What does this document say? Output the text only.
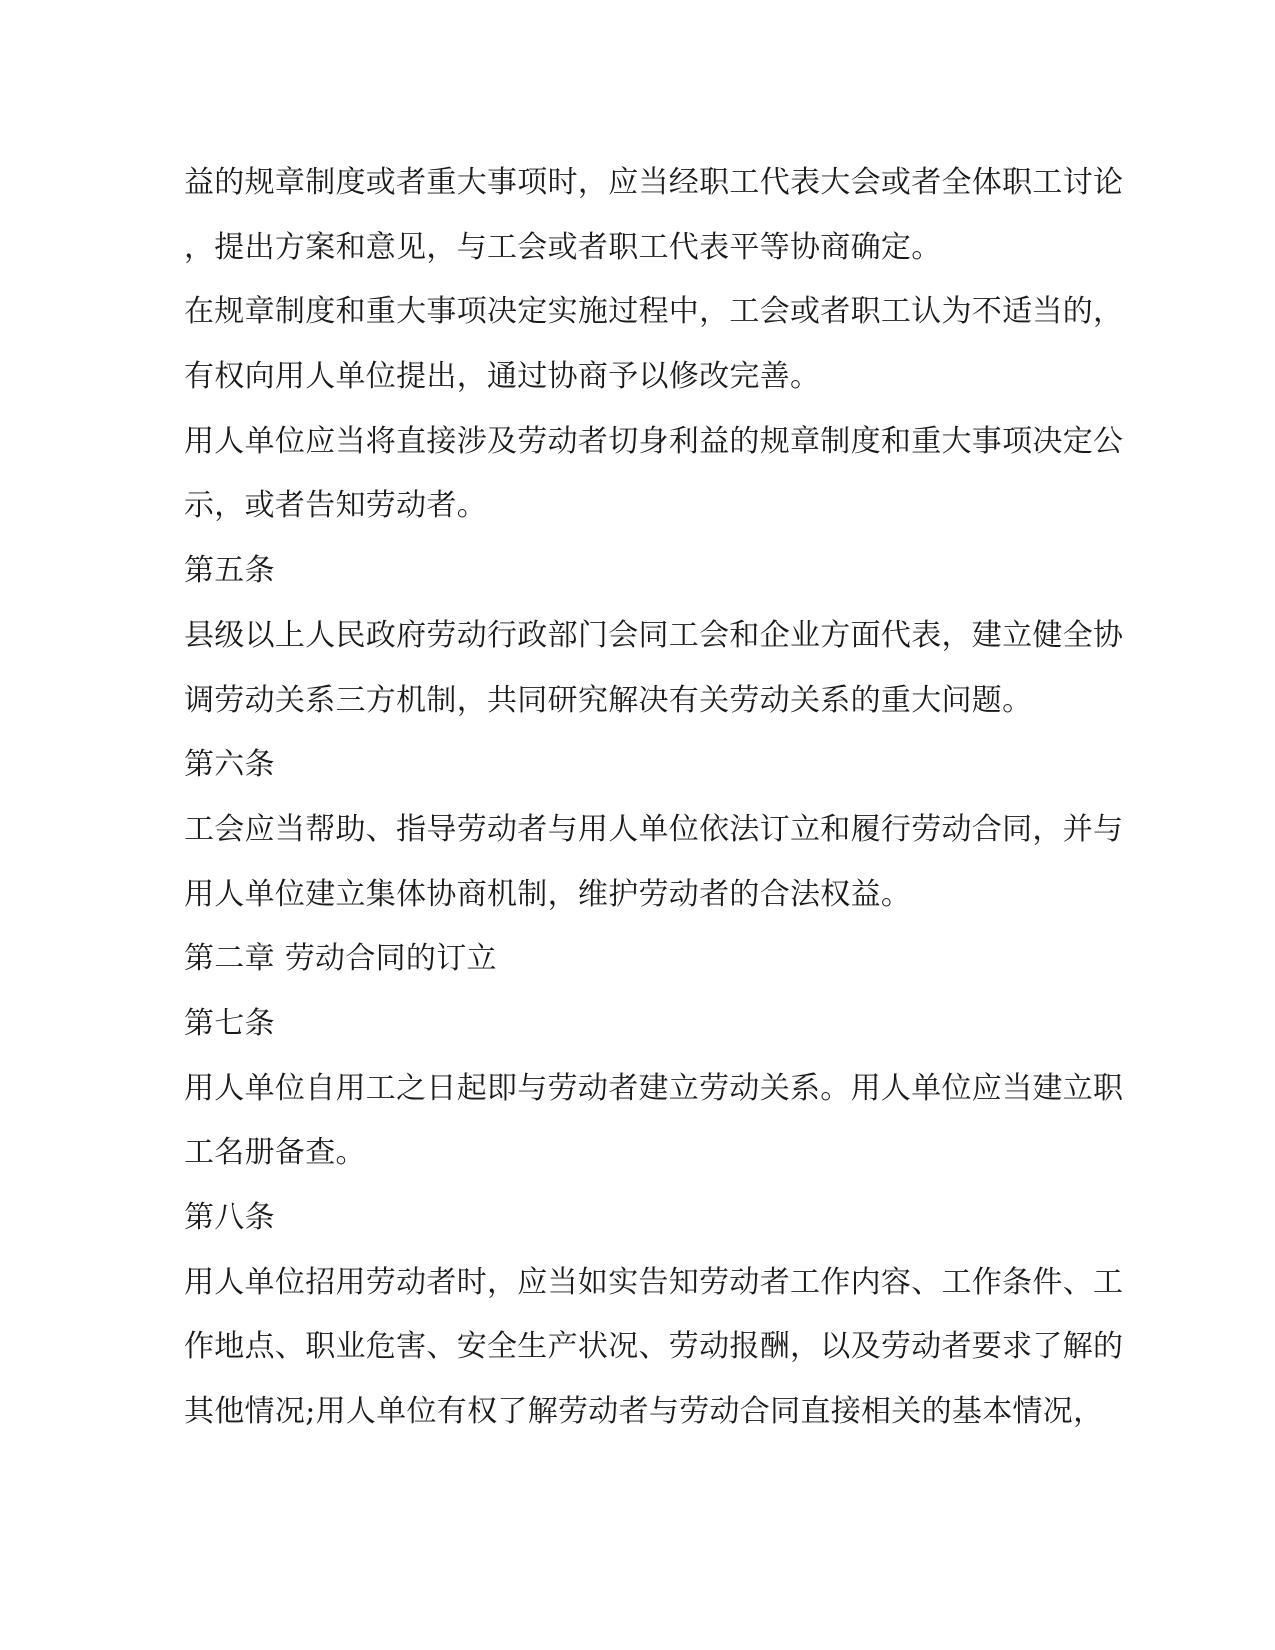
益的规章制度或者重大事项时，应当经职工代表大会或者全体职工讨论
，提出方案和意见，与工会或者职工代表平等协商确定。
在规章制度和重大事项决定实施过程中，工会或者职工认为不适当的，
有权向用人单位提出，通过协商予以修改完善。
用人单位应当将直接涉及劳动者切身利益的规章制度和重大事项决定公
示，或者告知劳动者。
第五条
县级以上人民政府劳动行政部门会同工会和企业方面代表，建立健全协
调劳动关系三方机制，共同研究解决有关劳动关系的重大问题。
第六条
工会应当帮助、指导劳动者与用人单位依法订立和履行劳动合同，并与
用人单位建立集体协商机制，维护劳动者的合法权益。
第二章 劳动合同的订立
第七条
用人单位自用工之日起即与劳动者建立劳动关系。用人单位应当建立职
工名册备查。
第八条
用人单位招用劳动者时，应当如实告知劳动者工作内容、工作条件、工
作地点、职业危害、安全生产状况、劳动报酬，以及劳动者要求了解的
其他情况;用人单位有权了解劳动者与劳动合同直接相关的基本情况，
